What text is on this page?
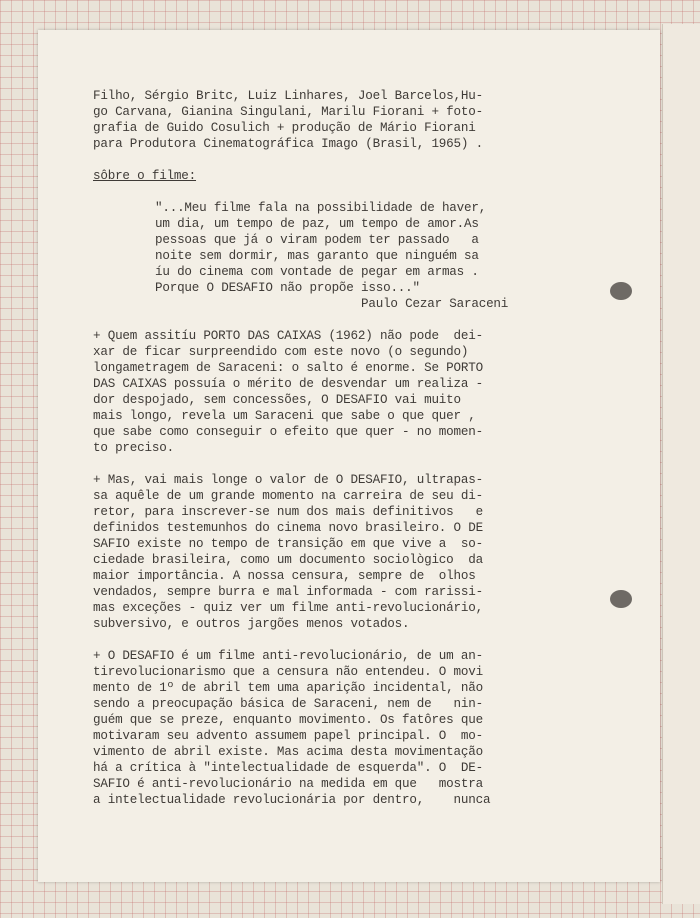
Filho, Sérgio Britc, Luiz Linhares, Joel Barcelos,Hu-
go Carvana, Gianina Singulani, Marilu Fiorani + foto-
grafia de Guido Cosulich + produção de Mário Fiorani
para Produtora Cinematográfica Imago (Brasil, 1965) .
sôbre o filme:
"...Meu filme fala na possibilidade de haver,
um dia, um tempo de paz, um tempo de amor.As
pessoas que já o viram podem ter passado   a
noite sem dormir, mas garanto que ninguém sa
íu do cinema com vontade de pegar em armas .
Porque O DESAFIO não propõe isso..."
Paulo Cezar Saraceni
+ Quem assitíu PORTO DAS CAIXAS (1962) não pode  dei-
xar de ficar surpreendido com este novo (o segundo)
longametragem de Saraceni: o salto é enorme. Se PORTO
DAS CAIXAS possuía o mérito de desvendar um realiza -
dor despojado, sem concessões, O DESAFIO vai muito
mais longo, revela um Saraceni que sabe o que quer ,
que sabe como conseguir o efeito que quer - no momen-
to preciso.
+ Mas, vai mais longe o valor de O DESAFIO, ultrapas-
sa aquêle de um grande momento na carreira de seu di-
retor, para inscrever-se num dos mais definitivos   e
definidos testemunhos do cinema novo brasileiro. O DE
SAFIO existe no tempo de transição em que vive a  so-
ciedade brasileira, como um documento sociològico  da
maior importância. A nossa censura, sempre de  olhos
vendados, sempre burra e mal informada - com rarissi-
mas exceções - quiz ver um filme anti-revolucionário,
subversivo, e outros jargões menos votados.
+ O DESAFIO é um filme anti-revolucionário, de um an-
tirevolucionarismo que a censura não entendeu. O movi
mento de 1º de abril tem uma aparição incidental, não
sendo a preocupação básica de Saraceni, nem de   nin-
guém que se preze, enquanto movimento. Os fatôres que
motivaram seu advento assumem papel principal. O  mo-
vimento de abril existe. Mas acima desta movimentação
há a crítica à "intelectualidade de esquerda". O  DE-
SAFIO é anti-revolucionário na medida em que   mostra
a intelectualidade revolucionária por dentro,    nunca
